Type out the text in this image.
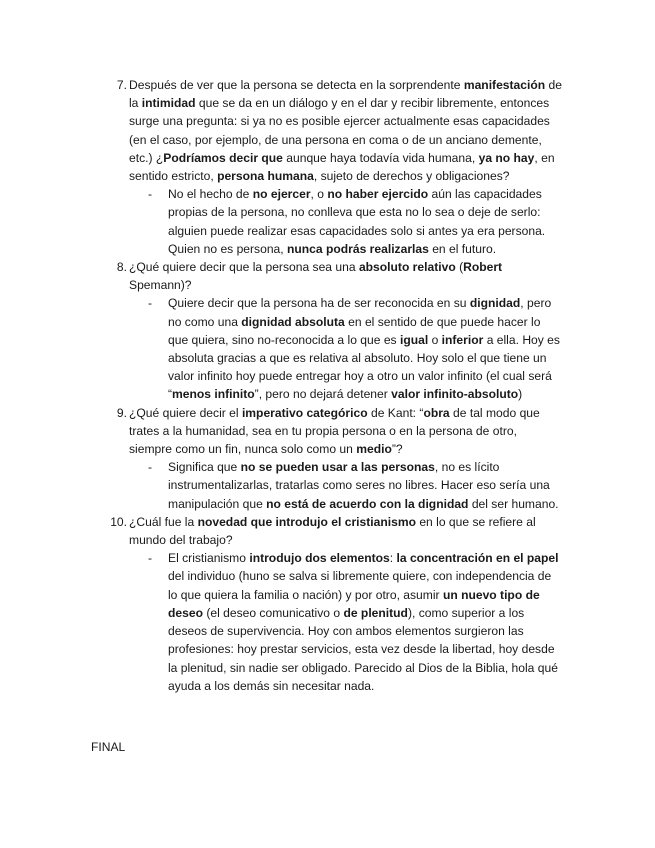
7. Después de ver que la persona se detecta en la sorprendente manifestación de la intimidad que se da en un diálogo y en el dar y recibir libremente, entonces surge una pregunta: si ya no es posible ejercer actualmente esas capacidades (en el caso, por ejemplo, de una persona en coma o de un anciano demente, etc.) ¿Podríamos decir que aunque haya todavía vida humana, ya no hay, en sentido estricto, persona humana, sujeto de derechos y obligaciones?

- No el hecho de no ejercer, o no haber ejercido aún las capacidades propias de la persona, no conlleva que esta no lo sea o deje de serlo: alguien puede realizar esas capacidades solo si antes ya era persona. Quien no es persona, nunca podrás realizarlas en el futuro.
8. ¿Qué quiere decir que la persona sea una absoluto relativo (Robert Spemann)?

- Quiere decir que la persona ha de ser reconocida en su dignidad, pero no como una dignidad absoluta en el sentido de que puede hacer lo que quiera, sino no-reconocida a lo que es igual o inferior a ella. Hoy es absoluta gracias a que es relativa al absoluto. Hoy solo el que tiene un valor infinito hoy puede entregar hoy a otro un valor infinito (el cual será “menos infinito”, pero no dejará detener valor infinito-absoluto)
9. ¿Qué quiere decir el imperativo categórico de Kant: “obra de tal modo que trates a la humanidad, sea en tu propia persona o en la persona de otro, siempre como un fin, nunca solo como un medio”?

- Significa que no se pueden usar a las personas, no es lícito instrumentalizarlas, tratarlas como seres no libres. Hacer eso sería una manipulación que no está de acuerdo con la dignidad del ser humano.
10. ¿Cuál fue la novedad que introdujo el cristianismo en lo que se refiere al mundo del trabajo?

- El cristianismo introdujo dos elementos: la concentración en el papel del individuo (huno se salva si libremente quiere, con independencia de lo que quiera la familia o nación) y por otro, asumir un nuevo tipo de deseo (el deseo comunicativo o de plenitud), como superior a los deseos de supervivencia. Hoy con ambos elementos surgieron las profesiones: hoy prestar servicios, esta vez desde la libertad, hoy desde la plenitud, sin nadie ser obligado. Parecido al Dios de la Biblia, hola qué ayuda a los demás sin necesitar nada.
FINAL
